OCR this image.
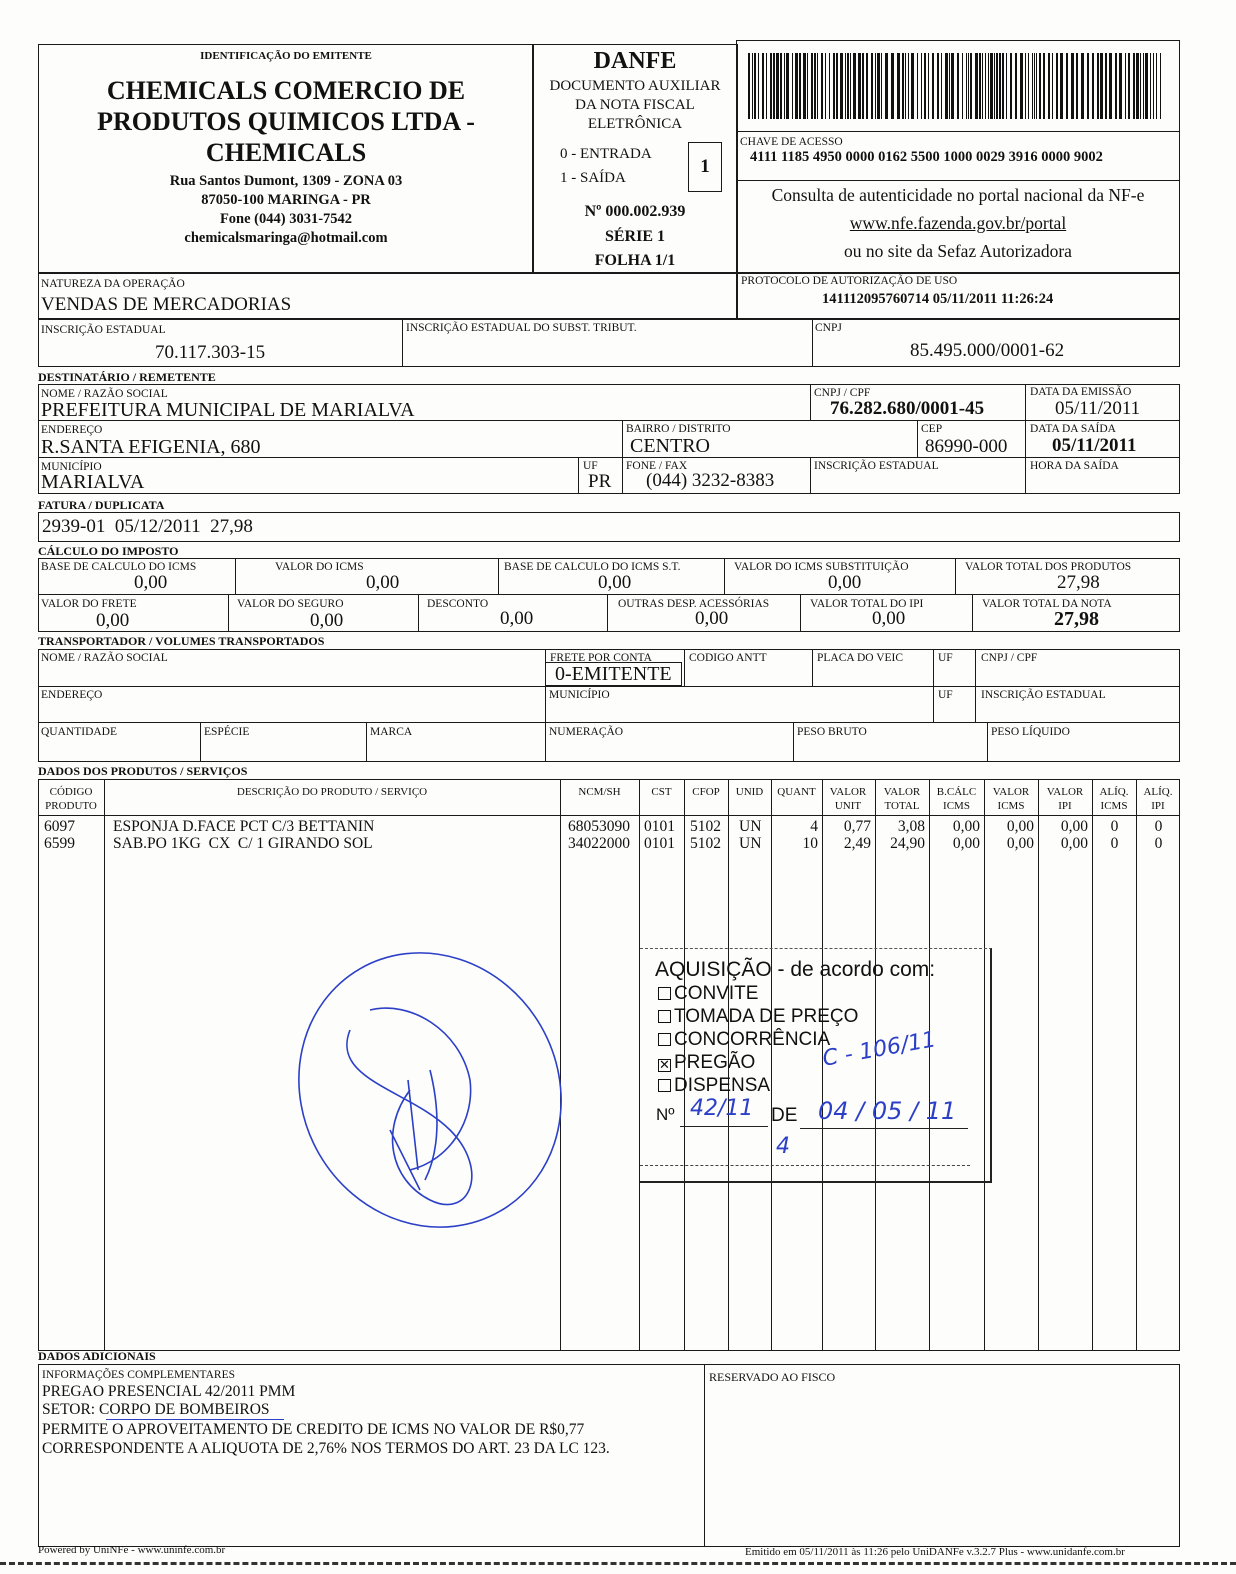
IDENTIFICAÇÃO DO EMITENTE
CHEMICALS COMERCIO DE
PRODUTOS QUIMICOS LTDA -
CHEMICALS
Rua Santos Dumont, 1309 - ZONA 03
87050-100 MARINGA - PR
Fone (044) 3031-7542
chemicalsmaringa@hotmail.com
DANFE
DOCUMENTO AUXILIAR
DA NOTA FISCAL
ELETRÔNICA
0 - ENTRADA
1 - SAÍDA
1
Nº 000.002.939
SÉRIE 1
FOLHA 1/1
CHAVE DE ACESSO
4111 1185 4950 0000 0162 5500 1000 0029 3916 0000 9002
Consulta de autenticidade no portal nacional da NF-e
www.nfe.fazenda.gov.br/portal
ou no site da Sefaz Autorizadora
NATUREZA DA OPERAÇÃO
VENDAS DE MERCADORIAS
PROTOCOLO DE AUTORIZAÇÃO DE USO
141112095760714 05/11/2011 11:26:24
INSCRIÇÃO ESTADUAL
70.117.303-15
INSCRIÇÃO ESTADUAL DO SUBST. TRIBUT.	CNPJ
85.495.000/0001-62
DESTINATÁRIO / REMETENTE
NOME / RAZÃO SOCIAL
PREFEITURA MUNICIPAL DE MARIALVA
CNPJ / CPF
76.282.680/0001-45
DATA DA EMISSÃO
05/11/2011
ENDEREÇO
R.SANTA EFIGENIA, 680
BAIRRO / DISTRITO
CENTRO
CEP
86990-000
DATA DA SAÍDA
05/11/2011
MUNICÍPIO
MARIALVA
UF
PR
FONE / FAX
(044) 3232-8383
INSCRIÇÃO ESTADUAL	HORA DA SAÍDA
FATURA / DUPLICATA
2939-01  05/12/2011  27,98
CÁLCULO DO IMPOSTO
BASE DE CALCULO DO ICMS
0,00
VALOR DO ICMS
0,00
BASE DE CALCULO DO ICMS S.T.
0,00
VALOR DO ICMS SUBSTITUIÇÃO
0,00
VALOR TOTAL DOS PRODUTOS
27,98
VALOR DO FRETE
0,00
VALOR DO SEGURO
0,00
DESCONTO
0,00
OUTRAS DESP. ACESSÓRIAS
0,00
VALOR TOTAL DO IPI
0,00
VALOR TOTAL DA NOTA
27,98
TRANSPORTADOR / VOLUMES TRANSPORTADOS
NOME / RAZÃO SOCIAL	FRETE POR CONTA
0-EMITENTE
CODIGO ANTT	PLACA DO VEIC	UF CNPJ / CPF
ENDEREÇO	MUNICÍPIO	UF INSCRIÇÃO ESTADUAL
QUANTIDADE	ESPÉCIE	MARCA	NUMERAÇÃO	PESO BRUTO	PESO LÍQUIDO
DADOS DOS PRODUTOS / SERVIÇOS
CÓDIGO PRODUTO
DESCRIÇÃO DO PRODUTO / SERVIÇO	NCM/SH	CST	CFOP	UNID	QUANT	VALOR UNIT
VALOR TOTAL
B.CÁLC ICMS
VALOR ICMS
VALOR IPI
ALÍQ. ICMS
ALÍQ. IPI
6097 ESPONJA D.FACE PCT C/3 BETTANIN	68053090 0101 5102 UN	4	0,77	3,08	0,00	0,00	0,00	0	0
6599 SAB.PO 1KG  CX  C/ 1 GIRANDO SOL	34022000 0101 5102 UN	10	2,49	24,90	0,00	0,00	0,00	0	0
AQUISIÇÃO - de acordo com:
CONVITE
TOMADA DE PREÇO
CONCORRÊNCIA
✕ PREGÃO
DISPENSA
Nº	DE
42/11	04 / 05 / 11
C - 106/11
4
DADOS ADICIONAIS
INFORMAÇÕES COMPLEMENTARES
PREGAO PRESENCIAL 42/2011 PMM
SETOR: CORPO DE BOMBEIROS
PERMITE O APROVEITAMENTO DE CREDITO DE ICMS NO VALOR DE R$0,77
CORRESPONDENTE A ALIQUOTA DE 2,76% NOS TERMOS DO ART. 23 DA LC 123.
RESERVADO AO FISCO
Powered by UniNFe - www.uninfe.com.br	Emitido em 05/11/2011 às 11:26 pelo UniDANFe v.3.2.7 Plus - www.unidanfe.com.br
